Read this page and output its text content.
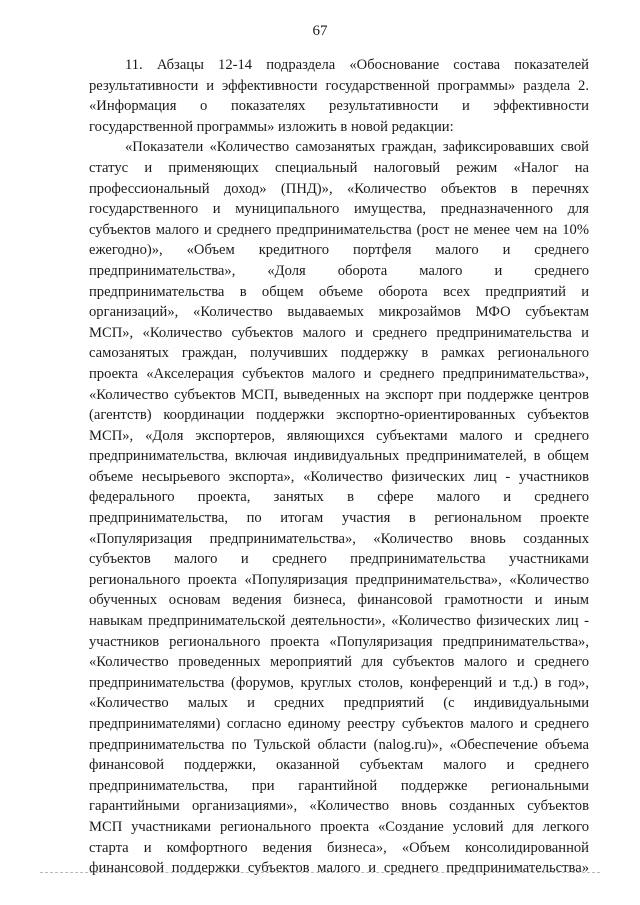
67
11. Абзацы 12-14 подраздела «Обоснование состава показателей
результативности и эффективности государственной программы» раздела 2.
«Информация о показателях результативности и эффективности
государственной программы» изложить в новой редакции:
«Показатели «Количество самозанятых граждан, зафиксировавших свой
статус и применяющих специальный налоговый режим «Налог на
профессиональный доход» (ПНД)», «Количество объектов в перечнях
государственного и муниципального имущества, предназначенного для
субъектов малого и среднего предпринимательства (рост не менее чем на 10%
ежегодно)», «Объем кредитного портфеля малого и среднего
предпринимательства», «Доля оборота малого и среднего
предпринимательства в общем объеме оборота всех предприятий и
организаций», «Количество выдаваемых микрозаймов МФО субъектам
МСП», «Количество субъектов малого и среднего предпринимательства и
самозанятых граждан, получивших поддержку в рамках регионального
проекта «Акселерация субъектов малого и среднего предпринимательства»,
«Количество субъектов МСП, выведенных на экспорт при поддержке центров
(агентств) координации поддержки экспортно-ориентированных субъектов
МСП», «Доля экспортеров, являющихся субъектами малого и среднего
предпринимательства, включая индивидуальных предпринимателей, в общем
объеме несырьевого экспорта», «Количество физических лиц - участников
федерального проекта, занятых в сфере малого и среднего
предпринимательства, по итогам участия в региональном проекте
«Популяризация предпринимательства», «Количество вновь созданных
субъектов малого и среднего предпринимательства участниками
регионального проекта «Популяризация предпринимательства», «Количество
обученных основам ведения бизнеса, финансовой грамотности и иным
навыкам предпринимательской деятельности», «Количество физических лиц -
участников регионального проекта «Популяризация предпринимательства»,
«Количество проведенных мероприятий для субъектов малого и среднего
предпринимательства (форумов, круглых столов, конференций и т.д.) в год»,
«Количество малых и средних предприятий (с индивидуальными
предпринимателями) согласно единому реестру субъектов малого и среднего
предпринимательства по Тульской области (nalog.ru)», «Обеспечение объема
финансовой поддержки, оказанной субъектам малого и среднего
предпринимательства, при гарантийной поддержке региональными
гарантийными организациями», «Количество вновь созданных субъектов
МСП участниками регионального проекта «Создание условий для легкого
старта и комфортного ведения бизнеса», «Объем консолидированной
финансовой поддержки субъектов малого и среднего предпринимательства»
